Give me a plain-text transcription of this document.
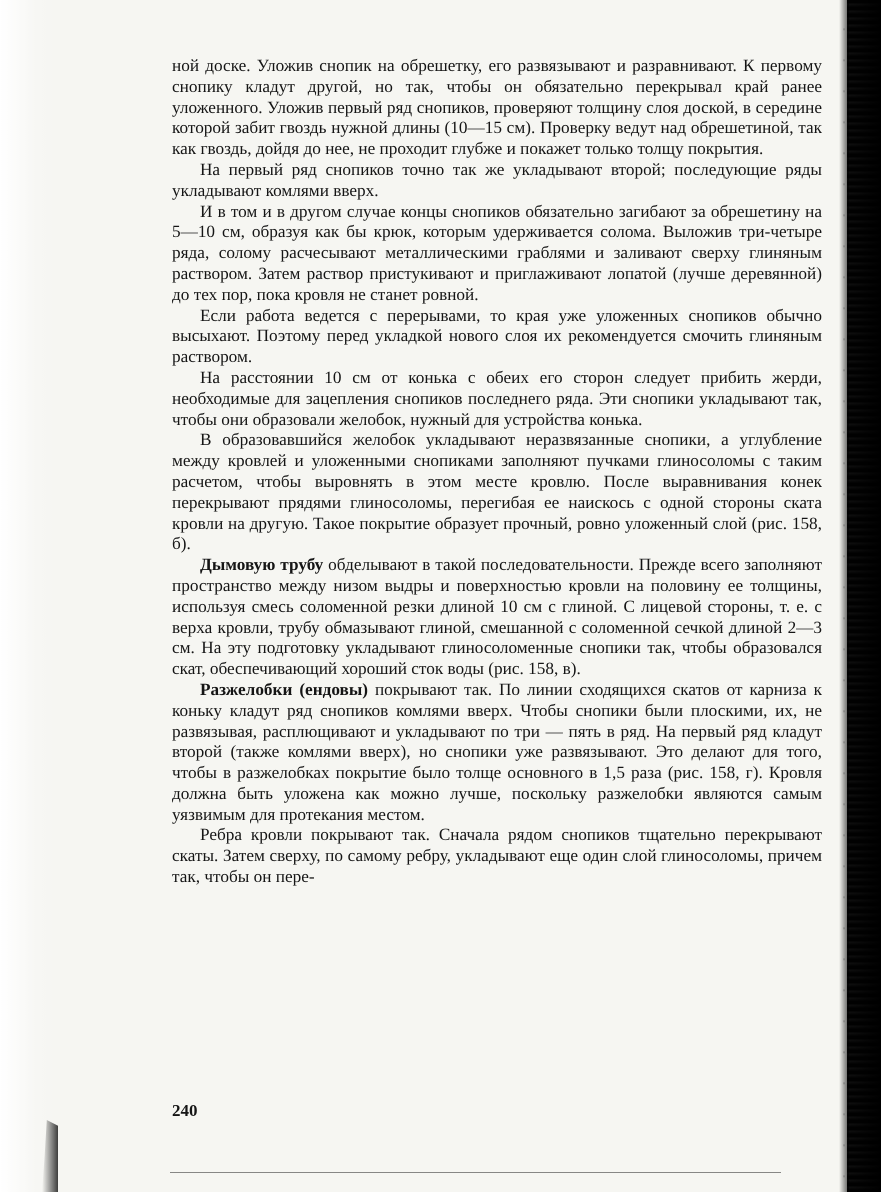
ной доске. Уложив снопик на обрешетку, его развязывают и разравнивают. К первому снопику кладут другой, но так, чтобы он обязательно перекрывал край ранее уложенного. Уложив первый ряд снопиков, проверяют толщину слоя доской, в середине которой забит гвоздь нужной длины (10—15 см). Проверку ведут над обрешетиной, так как гвоздь, дойдя до нее, не проходит глубже и покажет только толщу покрытия.

На первый ряд снопиков точно так же укладывают второй; последующие ряды укладывают комлями вверх.

И в том и в другом случае концы снопиков обязательно загибают за обрешетину на 5—10 см, образуя как бы крюк, которым удерживается солома. Выложив три-четыре ряда, солому расчесывают металлическими граблями и заливают сверху глиняным раствором. Затем раствор пристукивают и приглаживают лопатой (лучше деревянной) до тех пор, пока кровля не станет ровной.

Если работа ведется с перерывами, то края уже уложенных снопиков обычно высыхают. Поэтому перед укладкой нового слоя их рекомендуется смочить глиняным раствором.

На расстоянии 10 см от конька с обеих его сторон следует прибить жерди, необходимые для зацепления снопиков последнего ряда. Эти снопики укладывают так, чтобы они образовали желобок, нужный для устройства конька.

В образовавшийся желобок укладывают неразвязанные снопики, а углубление между кровлей и уложенными снопиками заполняют пучками глиносоломы с таким расчетом, чтобы выровнять в этом месте кровлю. После выравнивания конек перекрывают прядями глиносоломы, перегибая ее наискось с одной стороны ската кровли на другую. Такое покрытие образует прочный, ровно уложенный слой (рис. 158, б).

Дымовую трубу обделывают в такой последовательности. Прежде всего заполняют пространство между низом выдры и поверхностью кровли на половину ее толщины, используя смесь соломенной резки длиной 10 см с глиной. С лицевой стороны, т. е. с верха кровли, трубу обмазывают глиной, смешанной с соломенной сечкой длиной 2—3 см. На эту подготовку укладывают глиносоломенные снопики так, чтобы образовался скат, обеспечивающий хороший сток воды (рис. 158, в).

Разжелобки (ендовы) покрывают так. По линии сходящихся скатов от карниза к коньку кладут ряд снопиков комлями вверх. Чтобы снопики были плоскими, их, не развязывая, расплющивают и укладывают по три — пять в ряд. На первый ряд кладут второй (также комлями вверх), но снопики уже развязывают. Это делают для того, чтобы в разжелобках покрытие было толще основного в 1,5 раза (рис. 158, г). Кровля должна быть уложена как можно лучше, поскольку разжелобки являются самым уязвимым для протекания местом.

Ребра кровли покрывают так. Сначала рядом снопиков тщательно перекрывают скаты. Затем сверху, по самому ребру, укладывают еще один слой глиносоломы, причем так, чтобы он пере-

240
